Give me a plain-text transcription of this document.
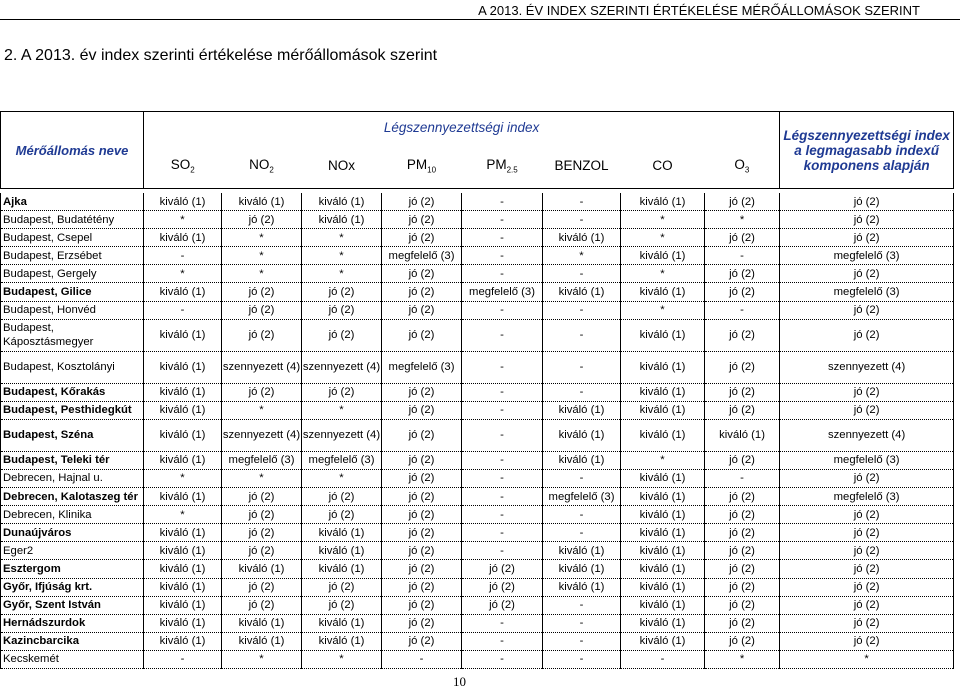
A 2013. ÉV INDEX SZERINTI ÉRTÉKELÉSE MÉRŐÁLLOMÁSOK SZERINT
2. A 2013. év index szerinti értékelése mérőállomások szerint
Mérőállomás neve	Légszennyezettségi index								Légszennyezettségi index a legmagasabb indexű komponens alapján
	$SO_2$	$NO_2$	NOx	$PM_{10}$	$PM_{2.5}$	BENZOL	CO	$O_3$

Ajka	kiváló (1)	kiváló (1)	kiváló (1)	jó (2)	-	-	kiváló (1)	jó (2)	jó (2)
Budapest, Budatétény	*	jó (2)	kiváló (1)	jó (2)	-	-	*	*	jó (2)
Budapest, Csepel	kiváló (1)	*	*	jó (2)	-	kiváló (1)	*	jó (2)	jó (2)
Budapest, Erzsébet	-	*	*	megfelelő (3)	-	*	kiváló (1)	-	megfelelő (3)
Budapest, Gergely	*	*	*	jó (2)	-	-	*	jó (2)	jó (2)
Budapest, Gilice	kiváló (1)	jó (2)	jó (2)	jó (2)	megfelelő (3)	kiváló (1)	kiváló (1)	jó (2)	megfelelő (3)
Budapest, Honvéd	-	jó (2)	jó (2)	jó (2)	-	-	*	-	jó (2)
Budapest, Káposztásmegyer	kiváló (1)	jó (2)	jó (2)	jó (2)	-	-	kiváló (1)	jó (2)	jó (2)
Budapest, Kosztolányi	kiváló (1)	szennyezett (4)	szennyezett (4)	megfelelő (3)	-	-	kiváló (1)	jó (2)	szennyezett (4)
Budapest, Kőrakás	kiváló (1)	jó (2)	jó (2)	jó (2)	-	-	kiváló (1)	jó (2)	jó (2)
Budapest, Pesthidegkút	kiváló (1)	*	*	jó (2)	-	kiváló (1)	kiváló (1)	jó (2)	jó (2)
Budapest, Széna	kiváló (1)	szennyezett (4)	szennyezett (4)	jó (2)	-	kiváló (1)	kiváló (1)	kiváló (1)	szennyezett (4)
Budapest, Teleki tér	kiváló (1)	megfelelő (3)	megfelelő (3)	jó (2)	-	kiváló (1)	*	jó (2)	megfelelő (3)
Debrecen, Hajnal u.	*	*	*	jó (2)	-	-	kiváló (1)	-	jó (2)
Debrecen, Kalotaszeg tér	kiváló (1)	jó (2)	jó (2)	jó (2)	-	megfelelő (3)	kiváló (1)	jó (2)	megfelelő (3)
Debrecen, Klinika	*	jó (2)	jó (2)	jó (2)	-	-	kiváló (1)	jó (2)	jó (2)
Dunaújváros	kiváló (1)	jó (2)	kiváló (1)	jó (2)	-	-	kiváló (1)	jó (2)	jó (2)
Eger2	kiváló (1)	jó (2)	kiváló (1)	jó (2)	-	kiváló (1)	kiváló (1)	jó (2)	jó (2)
Esztergom	kiváló (1)	kiváló (1)	kiváló (1)	jó (2)	jó (2)	kiváló (1)	kiváló (1)	jó (2)	jó (2)
Győr, Ifjúság krt.	kiváló (1)	jó (2)	jó (2)	jó (2)	jó (2)	kiváló (1)	kiváló (1)	jó (2)	jó (2)
Győr, Szent István	kiváló (1)	jó (2)	jó (2)	jó (2)	jó (2)	-	kiváló (1)	jó (2)	jó (2)
Hernádszurdok	kiváló (1)	kiváló (1)	kiváló (1)	jó (2)	-	-	kiváló (1)	jó (2)	jó (2)
Kazincbarcika	kiváló (1)	kiváló (1)	kiváló (1)	jó (2)	-	-	kiváló (1)	jó (2)	jó (2)
Kecskemét	-	*	*	-	-	-	-	*	*
10
